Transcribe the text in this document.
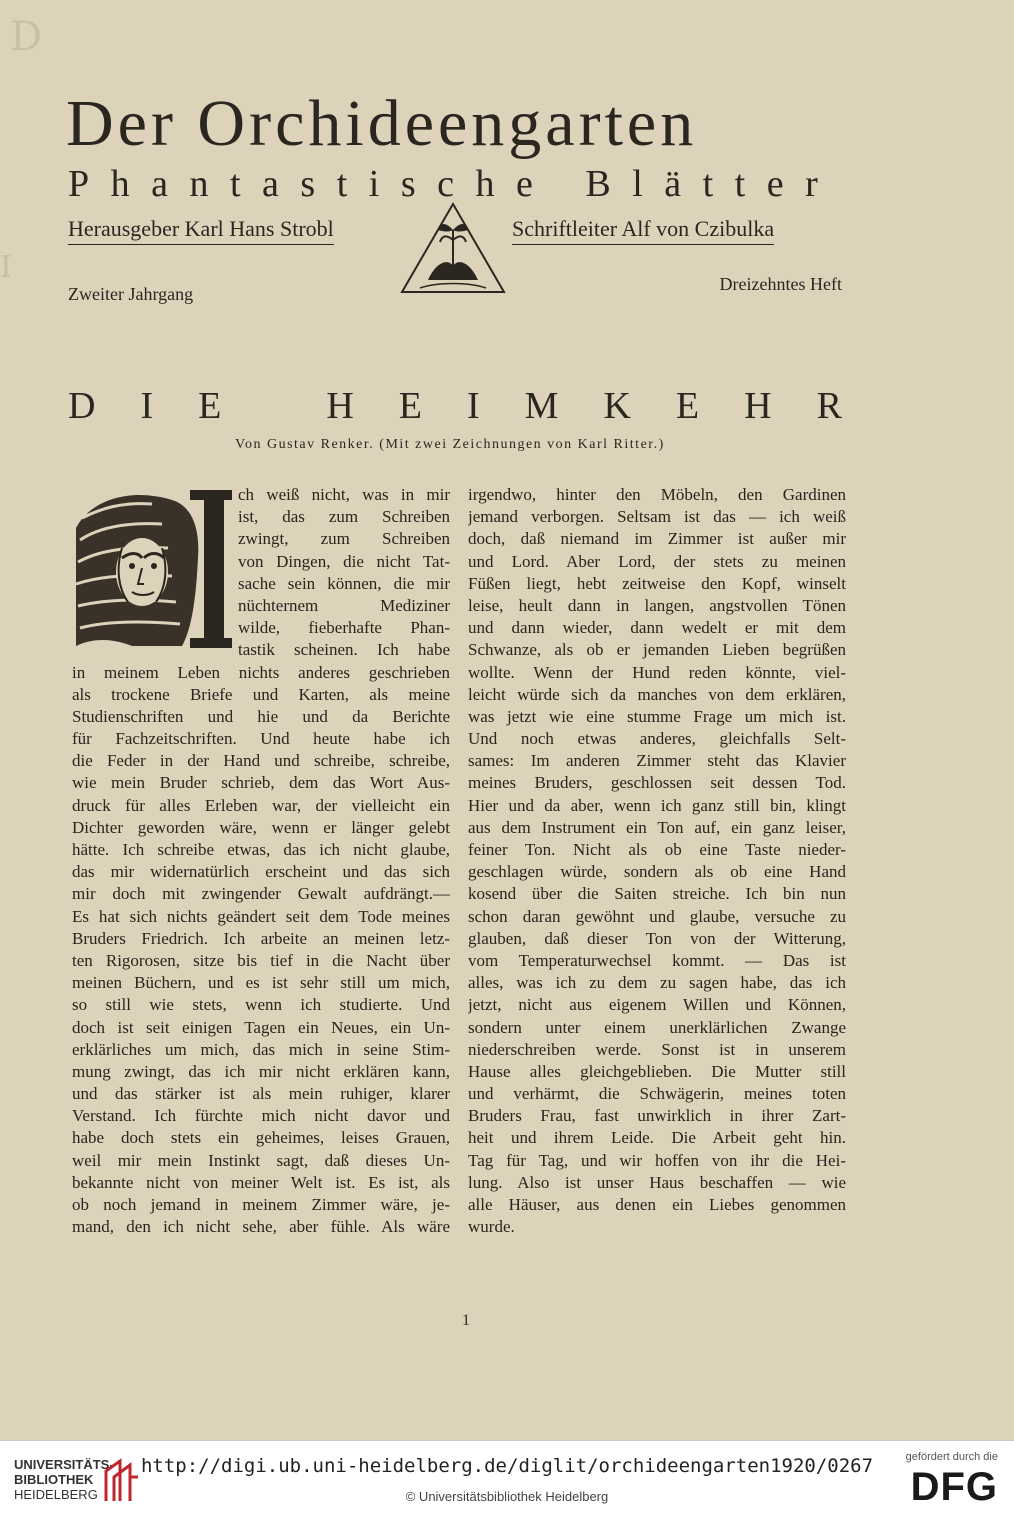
D
I
Der Orchideengarten
Phantastische Blätter
Herausgeber Karl Hans Strobl	Schriftleiter Alf von Czibulka
Zweiter Jahrgang	Dreizehntes Heft
D I E	H E I M K E H R
Von Gustav Renker. (Mit zwei Zeichnungen von Karl Ritter.)
ch weiß nicht, was in mir
ist, das zum Schreiben
zwingt, zum Schreiben
von Dingen, die nicht Tat-
sache sein können, die mir
nüchternem Mediziner
wilde, fieberhafte Phan-
tastik scheinen. Ich habe
in meinem Leben nichts anderes geschrieben
als trockene Briefe und Karten, als meine
Studienschriften und hie und da Berichte
für Fachzeitschriften. Und heute habe ich
die Feder in der Hand und schreibe, schreibe,
wie mein Bruder schrieb, dem das Wort Aus-
druck für alles Erleben war, der vielleicht ein
Dichter geworden wäre, wenn er länger gelebt
hätte. Ich schreibe etwas, das ich nicht glaube,
das mir widernatürlich erscheint und das sich
mir doch mit zwingender Gewalt aufdrängt.—
Es hat sich nichts geändert seit dem Tode meines
Bruders Friedrich. Ich arbeite an meinen letz-
ten Rigorosen, sitze bis tief in die Nacht über
meinen Büchern, und es ist sehr still um mich,
so still wie stets, wenn ich studierte. Und
doch ist seit einigen Tagen ein Neues, ein Un-
erklärliches um mich, das mich in seine Stim-
mung zwingt, das ich mir nicht erklären kann,
und das stärker ist als mein ruhiger, klarer
Verstand. Ich fürchte mich nicht davor und
habe doch stets ein geheimes, leises Grauen,
weil mir mein Instinkt sagt, daß dieses Un-
bekannte nicht von meiner Welt ist. Es ist, als
ob noch jemand in meinem Zimmer wäre, je-
mand, den ich nicht sehe, aber fühle. Als wäre
irgendwo, hinter den Möbeln, den Gardinen
jemand verborgen. Seltsam ist das — ich weiß
doch, daß niemand im Zimmer ist außer mir
und Lord. Aber Lord, der stets zu meinen
Füßen liegt, hebt zeitweise den Kopf, winselt
leise, heult dann in langen, angstvollen Tönen
und dann wieder, dann wedelt er mit dem
Schwanze, als ob er jemanden Lieben begrüßen
wollte. Wenn der Hund reden könnte, viel-
leicht würde sich da manches von dem erklären,
was jetzt wie eine stumme Frage um mich ist.
Und noch etwas anderes, gleichfalls Selt-
sames: Im anderen Zimmer steht das Klavier
meines Bruders, geschlossen seit dessen Tod.
Hier und da aber, wenn ich ganz still bin, klingt
aus dem Instrument ein Ton auf, ein ganz leiser,
feiner Ton. Nicht als ob eine Taste nieder-
geschlagen würde, sondern als ob eine Hand
kosend über die Saiten streiche. Ich bin nun
schon daran gewöhnt und glaube, versuche zu
glauben, daß dieser Ton von der Witterung,
vom Temperaturwechsel kommt. — Das ist
alles, was ich zu dem zu sagen habe, das ich
jetzt, nicht aus eigenem Willen und Können,
sondern unter einem unerklärlichen Zwange
niederschreiben werde. Sonst ist in unserem
Hause alles gleichgeblieben. Die Mutter still
und verhärmt, die Schwägerin, meines toten
Bruders Frau, fast unwirklich in ihrer Zart-
heit und ihrem Leide. Die Arbeit geht hin.
Tag für Tag, und wir hoffen von ihr die Hei-
lung. Also ist unser Haus beschaffen — wie
alle Häuser, aus denen ein Liebes genommen
wurde.
1
UNIVERSITÄTS-
BIBLIOTHEK
HEIDELBERG
http://digi.ub.uni-heidelberg.de/diglit/orchideengarten1920/0267
© Universitätsbibliothek Heidelberg
gefördert durch die
DFG
